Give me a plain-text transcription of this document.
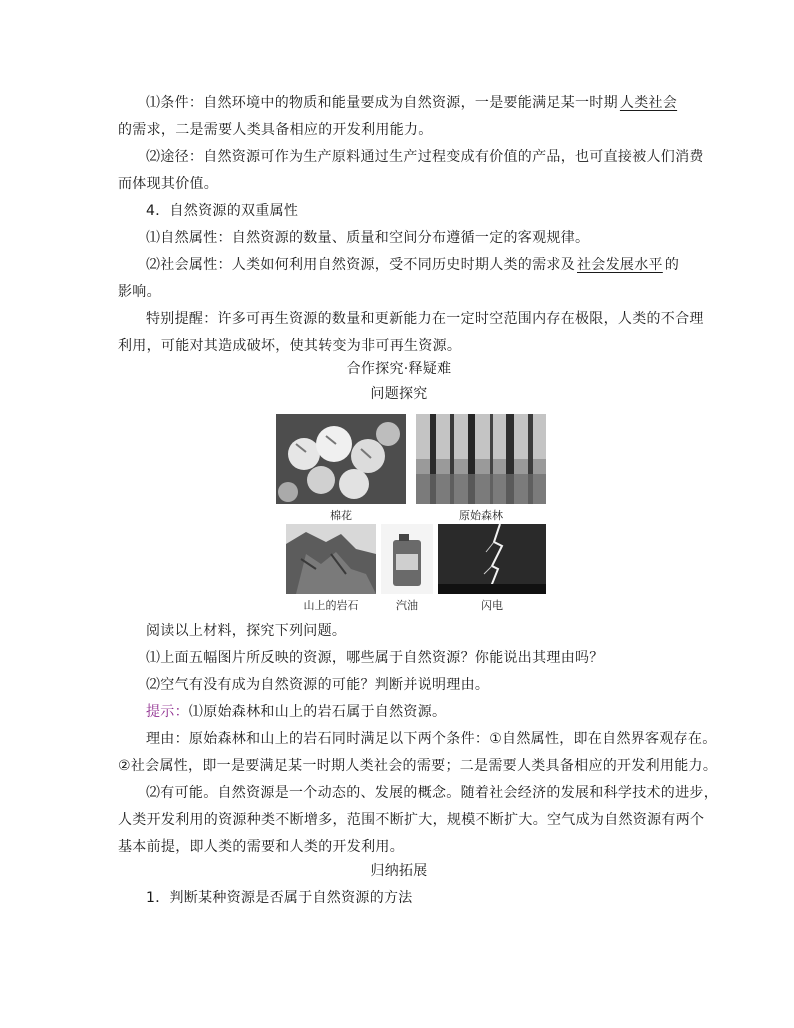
⑴条件：自然环境中的物质和能量要成为自然资源，一是要能满足某一时期 人类社会
的需求，二是需要人类具备相应的开发利用能力。
⑵途径：自然资源可作为生产原料通过生产过程变成有价值的产品，也可直接被人们消费
而体现其价值。
4．自然资源的双重属性
⑴自然属性：自然资源的数量、质量和空间分布遵循一定的客观规律。
⑵社会属性：人类如何利用自然资源，受不同历史时期人类的需求及 社会发展水平 的
影响。
特别提醒：许多可再生资源的数量和更新能力在一定时空范围内存在极限，人类的不合理
利用，可能对其造成破坏，使其转变为非可再生资源。
合作探究·释疑难
问题探究
棉花	原始森林
山上的岩石	汽油	闪电
阅读以上材料，探究下列问题。
⑴上面五幅图片所反映的资源，哪些属于自然资源？你能说出其理由吗？
⑵空气有没有成为自然资源的可能？判断并说明理由。
提示：⑴原始森林和山上的岩石属于自然资源。
理由：原始森林和山上的岩石同时满足以下两个条件：①自然属性，即在自然界客观存在。
②社会属性，即一是要满足某一时期人类社会的需要；二是需要人类具备相应的开发利用能力。
⑵有可能。自然资源是一个动态的、发展的概念。随着社会经济的发展和科学技术的进步，
人类开发利用的资源种类不断增多，范围不断扩大，规模不断扩大。空气成为自然资源有两个
基本前提，即人类的需要和人类的开发利用。
归纳拓展
1．判断某种资源是否属于自然资源的方法
